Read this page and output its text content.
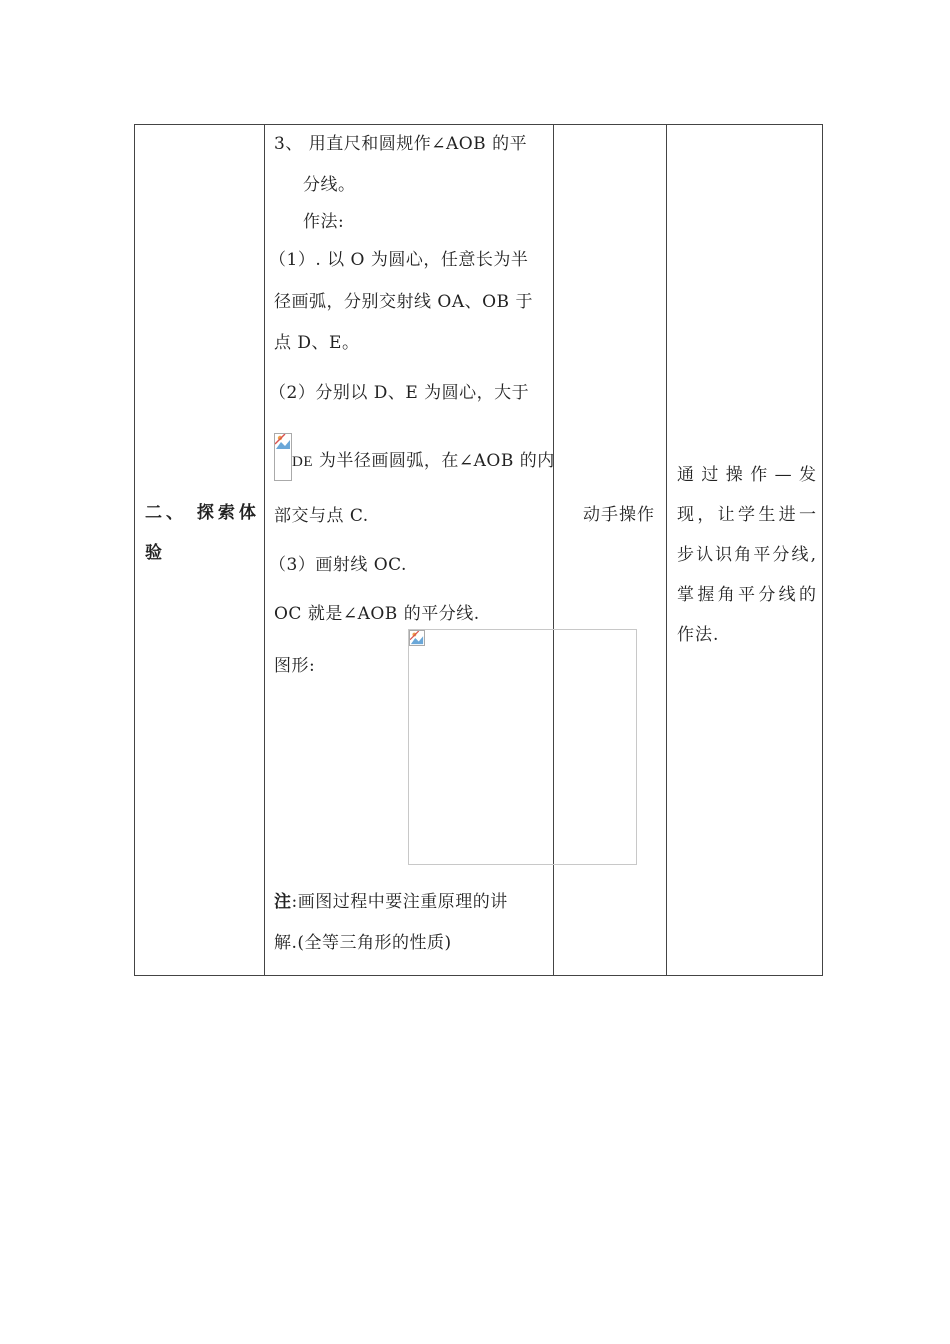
二、 探索体验
3、 用直尺和圆规作∠AOB 的平
分线。
作法:
（1）. 以 O 为圆心，任意长为半
径画弧，分别交射线 OA、OB 于
点 D、E。
（2）分别以 D、E 为圆心，大于
DE 为半径画圆弧，在∠AOB 的内
部交与点 C.
（3）画射线 OC.
OC 就是∠AOB 的平分线.
图形:
注:画图过程中要注重原理的讲
解.(全等三角形的性质)
动手操作
通过操作—发现，让学生进一步认识角平分线,掌握角平分线的作法.
